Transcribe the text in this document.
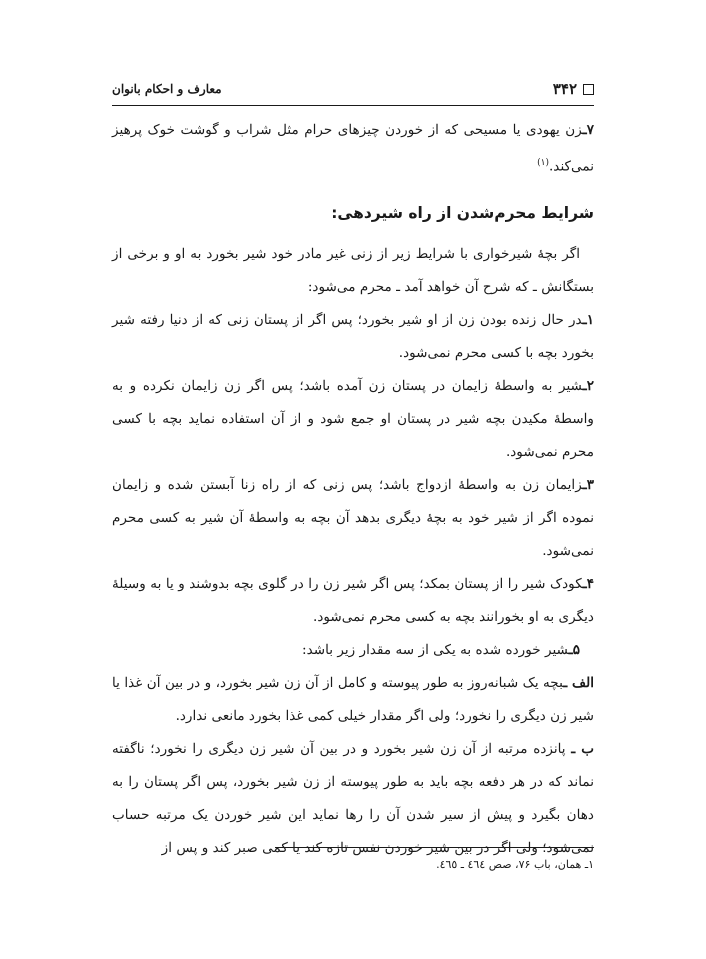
۳۴۲
معارف و احکام بانوان

۷ـزن یهودی یا مسیحی که از خوردن چیزهای حرام مثل شراب و گوشت خوک پرهیز نمی‌کند.$^{(۱)}$

شرایط محرم‌شدن از راه شیردهی:

اگر بچهٔ شیرخواری با شرایط زیر از زنی غیر مادر خود شیر بخورد به او و برخی از بستگانش ـ که شرح آن خواهد آمد ـ محرم می‌شود:

۱ـدر حال زنده بودن زن از او شیر بخورد؛ پس اگر از پستان زنی که از دنیا رفته شیر بخورد بچه با کسی محرم نمی‌شود.

۲ـشیر به واسطهٔ زایمان در پستان زن آمده باشد؛ پس اگر زن زایمان نکرده و به واسطهٔ مکیدن بچه شیر در پستان او جمع شود و از آن استفاده نماید بچه با کسی محرم نمی‌شود.

۳ـزایمان زن به واسطهٔ ازدواج باشد؛ پس زنی که از راه زنا آبستن شده و زایمان نموده اگر از شیر خود به بچهٔ دیگری بدهد آن بچه به واسطهٔ آن شیر به کسی محرم نمی‌شود.

۴ـکودک شیر را از پستان بمکد؛ پس اگر شیر زن را در گلوی بچه بدوشند و یا به وسیلهٔ دیگری به او بخورانند بچه به کسی محرم نمی‌شود.

۵ـشیر خورده شده به یکی از سه مقدار زیر باشد:

الف ـبچه یک شبانه‌روز به طور پیوسته و کامل از آن زن شیر بخورد، و در بین آن غذا یا شیر زن دیگری را نخورد؛ ولی اگر مقدار خیلی کمی غذا بخورد مانعی ندارد.

ب ـ پانزده مرتبه از آن زن شیر بخورد و در بین آن شیر زن دیگری را نخورد؛ ناگفته نماند که در هر دفعه بچه باید به طور پیوسته از زن شیر بخورد، پس اگر پستان را به دهان بگیرد و پیش از سیر شدن آن را رها نماید این شیر خوردن یک مرتبه حساب نمی‌شود؛ ولی اگر در بین شیر خوردن نفس تازه کند یا کمی صبر کند و پس از

۱ـ همان، باب ۷۶، صص ٤٦٤ ـ ٤٦٥.
